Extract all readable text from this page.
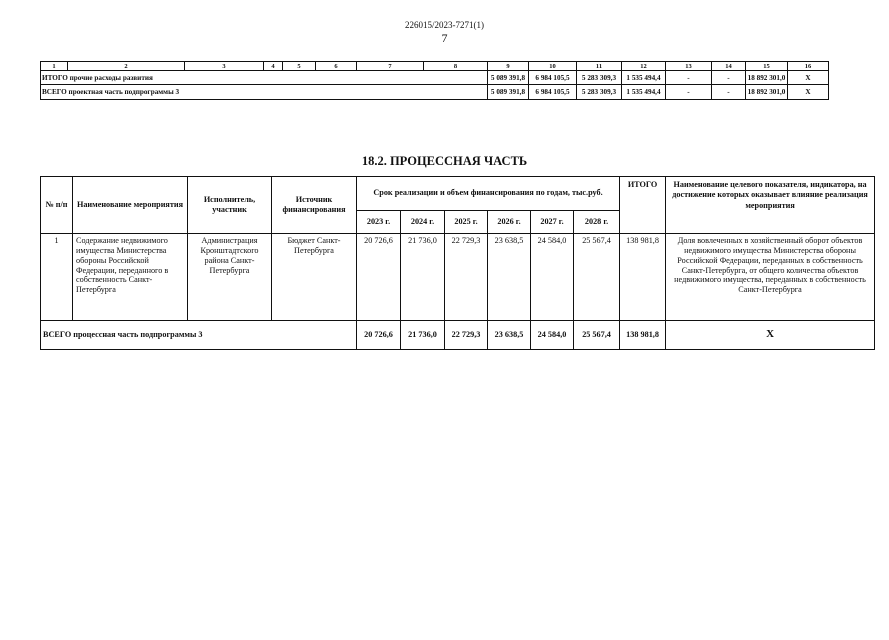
226015/2023-7271(1)
7
1	2	3	4	5	6	7	8	9	10	11	12	13	14	15	16
ИТОГО прочие расходы развития								5 089 391,8	6 984 105,5	5 283 309,3	1 535 494,4	-	-	18 892 301,0	X
ВСЕГО проектная часть подпрограммы 3								5 089 391,8	6 984 105,5	5 283 309,3	1 535 494,4	-	-	18 892 301,0	X
18.2. ПРОЦЕССНАЯ ЧАСТЬ
№ п/п	Наименование мероприятия	Исполнитель, участник	Источник финансирования	Срок реализации и объем финансирования по годам, тыс.руб.						ИТОГО	Наименование целевого показателя, индикатора, на достижение которых оказывает влияние реализация мероприятия
				2023 г.	2024 г.	2025 г.	2026 г.	2027 г.	2028 г.		
1	Содержание недвижимого имущества Министерства обороны Российской Федерации, переданного в собственность Санкт-Петербурга	Администрация Кронштадтского района Санкт-Петербурга	Бюджет Санкт-Петербурга	20 726,6	21 736,0	22 729,3	23 638,5	24 584,0	25 567,4	138 981,8	Доля вовлеченных в хозяйственный оборот объектов недвижимого имущества Министерства обороны Российской Федерации, переданных в собственность Санкт-Петербурга, от общего количества объектов недвижимого имущества, переданных в собственность Санкт-Петербурга
ВСЕГО процессная часть подпрограммы 3				20 726,6	21 736,0	22 729,3	23 638,5	24 584,0	25 567,4	138 981,8	X
